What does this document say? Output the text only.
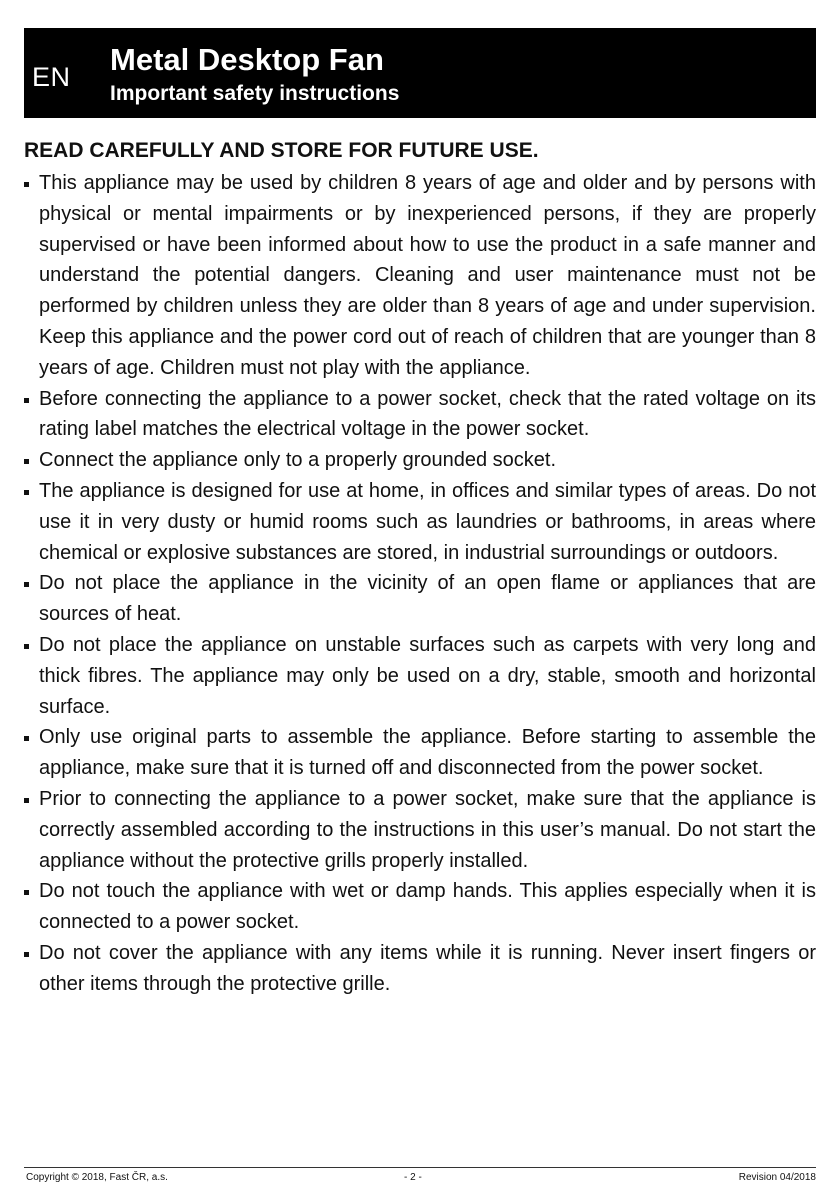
EN Metal Desktop Fan
Important safety instructions
READ CAREFULLY AND STORE FOR FUTURE USE.
This appliance may be used by children 8 years of age and older and by persons with physical or mental impairments or by inexperienced persons, if they are properly supervised or have been informed about how to use the product in a safe manner and understand the potential dangers. Cleaning and user maintenance must not be performed by children unless they are older than 8 years of age and under supervision. Keep this appliance and the power cord out of reach of children that are younger than 8 years of age. Children must not play with the appliance.
Before connecting the appliance to a power socket, check that the rated voltage on its rating label matches the electrical voltage in the power socket.
Connect the appliance only to a properly grounded socket.
The appliance is designed for use at home, in offices and similar types of areas. Do not use it in very dusty or humid rooms such as laundries or bathrooms, in areas where chemical or explosive substances are stored, in industrial surroundings or outdoors.
Do not place the appliance in the vicinity of an open flame or appliances that are sources of heat.
Do not place the appliance on unstable surfaces such as carpets with very long and thick fibres. The appliance may only be used on a dry, stable, smooth and horizontal surface.
Only use original parts to assemble the appliance. Before starting to assemble the appliance, make sure that it is turned off and disconnected from the power socket.
Prior to connecting the appliance to a power socket, make sure that the appliance is correctly assembled according to the instructions in this user’s manual. Do not start the appliance without the protective grills properly installed.
Do not touch the appliance with wet or damp hands. This applies especially when it is connected to a power socket.
Do not cover the appliance with any items while it is running. Never insert fingers or other items through the protective grille.
Copyright © 2018, Fast ČR, a.s.	- 2 -	Revision 04/2018
